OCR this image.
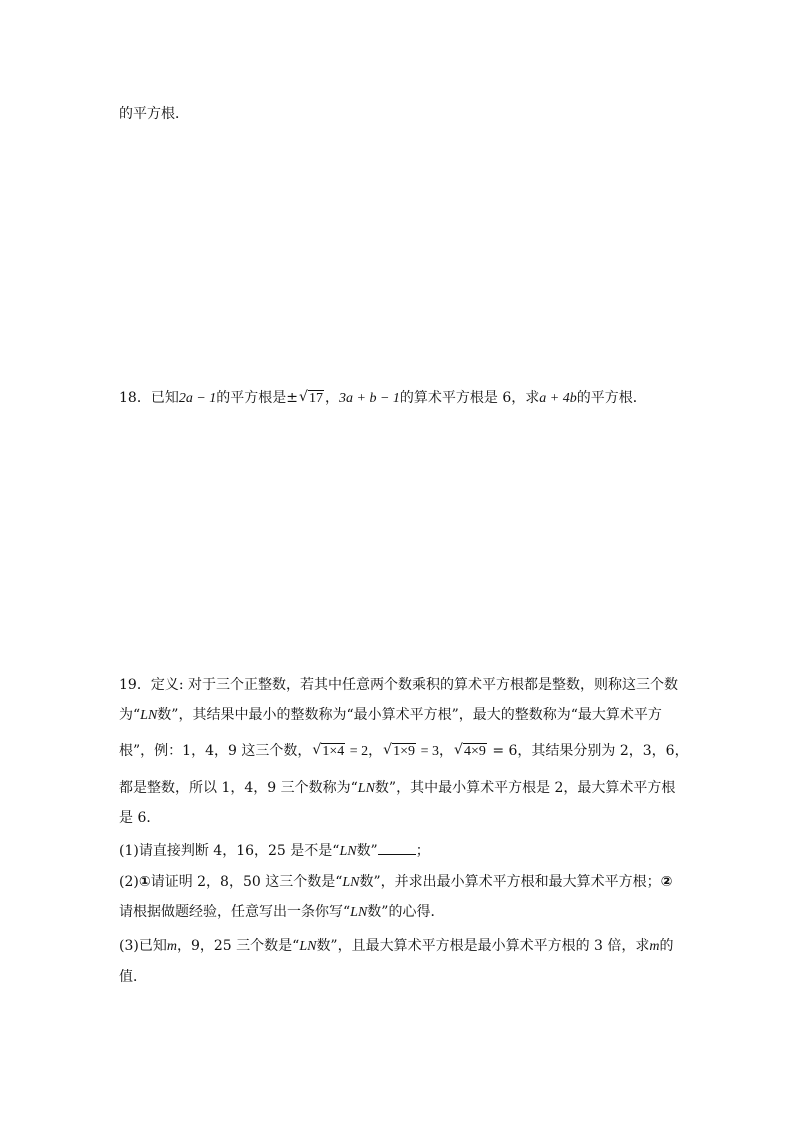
的平方根．
18．已知2a − 1的平方根是± √ 17 ，3a + b − 1的算术平方根是 6，求a + 4b的平方根．
19．定义: 对于三个正整数，若其中任意两个数乘积的算术平方根都是整数，则称这三个数
为“LN数”，其结果中最小的整数称为“最小算术平方根”，最大的整数称为“最大算术平方
根”，例：1，4，9 这三个数， √ 1×4 = 2， √ 1×9 = 3， √ 4×9 = 6，其结果分别为 2，3，6，
都是整数，所以 1，4，9 三个数称为“LN数”，其中最小算术平方根是 2，最大算术平方根
是 6．
(1)请直接判断 4，16，25 是不是“LN数”	；
(2)①请证明 2，8，50 这三个数是“LN数”，并求出最小算术平方根和最大算术平方根；②
请根据做题经验，任意写出一条你写“LN数”的心得．
(3)已知m，9，25 三个数是“LN数”，且最大算术平方根是最小算术平方根的 3 倍，求m的
值．
